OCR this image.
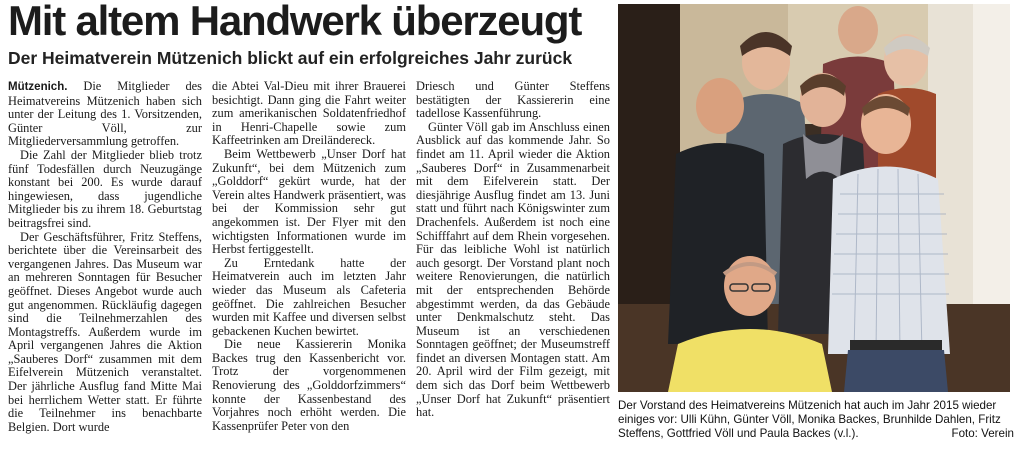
Mit altem Handwerk überzeugt
Der Heimatverein Mützenich blickt auf ein erfolgreiches Jahr zurück

Mützenich. Die Mitglieder des Heimatvereins Mützenich haben sich unter der Leitung des 1. Vorsitzenden, Günter Völl, zur Mitgliederversammlung getroffen.

Die Zahl der Mitglieder blieb trotz fünf Todesfällen durch Neuzugänge konstant bei 200. Es wurde darauf hingewiesen, dass jugendliche Mitglieder bis zu ihrem 18. Geburtstag beitragsfrei sind.

Der Geschäftsführer, Fritz Steffens, berichtete über die Vereinsarbeit des vergangenen Jahres. Das Museum war an mehreren Sonntagen für Besucher geöffnet. Dieses Angebot wurde auch gut angenommen. Rückläufig dagegen sind die Teilnehmerzahlen des Montagstreffs. Außerdem wurde im April vergangenen Jahres die Aktion „Sauberes Dorf“ zusammen mit dem Eifelverein Mützenich veranstaltet. Der jährliche Ausflug fand Mitte Mai bei herrlichem Wetter statt. Er führte die Teilnehmer ins benachbarte Belgien. Dort wurde

die Abtei Val-Dieu mit ihrer Brauerei besichtigt. Dann ging die Fahrt weiter zum amerikanischen Soldatenfriedhof in Henri-Chapelle sowie zum Kaffeetrinken am Dreiländereck.

Beim Wettbewerb „Unser Dorf hat Zukunft“, bei dem Mützenich zum „Golddorf“ gekürt wurde, hat der Verein altes Handwerk präsentiert, was bei der Kommission sehr gut angekommen ist. Der Flyer mit den wichtigsten Informationen wurde im Herbst fertiggestellt.

Zu Erntedank hatte der Heimatverein auch im letzten Jahr wieder das Museum als Cafeteria geöffnet. Die zahlreichen Besucher wurden mit Kaffee und diversen selbst gebackenen Kuchen bewirtet.

Die neue Kassiererin Monika Backes trug den Kassenbericht vor. Trotz der vorgenommenen Renovierung des „Golddorfzimmers“ konnte der Kassenbestand des Vorjahres noch erhöht werden. Die Kassenprüfer Peter von den

Driesch und Günter Steffens bestätigten der Kassiererin eine tadellose Kassenführung.

Günter Völl gab im Anschluss einen Ausblick auf das kommende Jahr. So findet am 11. April wieder die Aktion „Sauberes Dorf“ in Zusammenarbeit mit dem Eifelverein statt. Der diesjährige Ausflug findet am 13. Juni statt und führt nach Königswinter zum Drachenfels. Außerdem ist noch eine Schifffahrt auf dem Rhein vorgesehen. Für das leibliche Wohl ist natürlich auch gesorgt. Der Vorstand plant noch weitere Renovierungen, die natürlich mit der entsprechenden Behörde abgestimmt werden, da das Gebäude unter Denkmalschutz steht. Das Museum ist an verschiedenen Sonntagen geöffnet; der Museumstreff findet an diversen Montagen statt. Am 20. April wird der Film gezeigt, mit dem sich das Dorf beim Wettbewerb „Unser Dorf hat Zukunft“ präsentiert hat.	Der Vorstand des Heimatvereins Mützenich hat auch im Jahr 2015 wieder einiges vor: Ulli Kühn, Günter Völl, Monika Backes, Brunhilde Dahlen, Fritz Steffens, Gottfried Völl und Paula Backes (v.l.).	Foto: Verein
